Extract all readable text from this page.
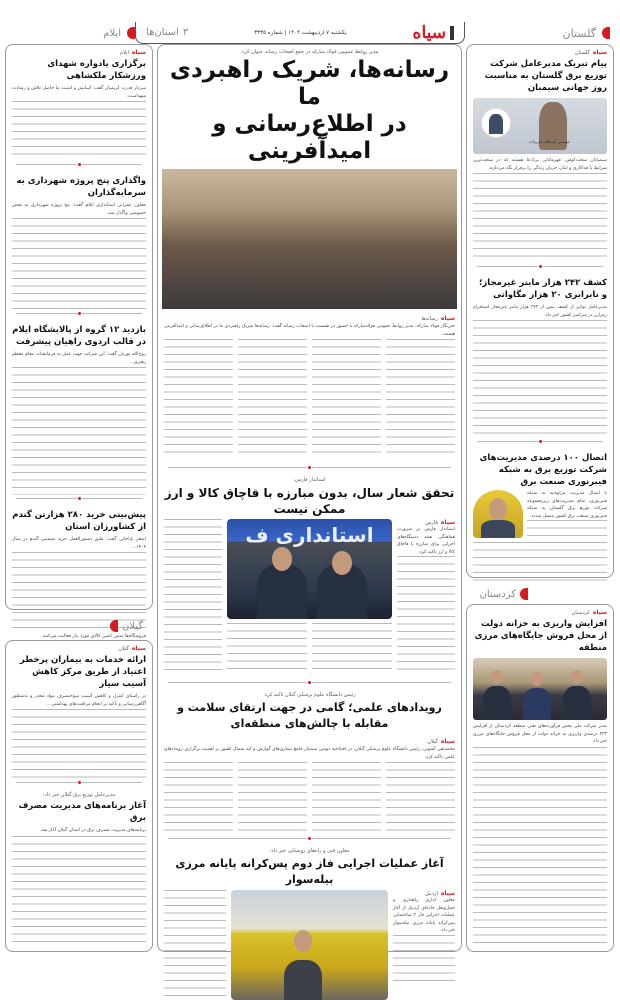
ایلام	سیاه
یکشنبه ۷ اردیبهشت ۱۴۰۴ | شماره ۳۳۳۵
۳
استان‌ها	گلستان
سیاه
ایلام
برگزاری یادواره شهدای ورزشکار ملکشاهی
سردار قدرت کریمیان گفت: آسایش و امنیت ما حاصل تلاش و رشادت شهداست.
واگذاری پنج پروژه شهرداری به سرمایه‌گذاران
معاون عمرانی استانداری ایلام گفت: پنج پروژه شهرداری به بخش خصوصی واگذار شد.
بازدید ۱۲ گروه از پالایشگاه ایلام در قالب اردوی راهیان پیشرفت
روح‌الله نوریان گفت: این شرکت جهت عمل به فرمایشات مقام معظم رهبری...
پیش‌بینی خرید ۲۸۰ هزارتن گندم از کشاورزان استان
اصغر باباخانی گفت: طبق دستورالعمل خرید تضمینی گندم در سال ۱۴۰۴...
فروشگاه‌ها ضمن تامین کالای مورد نیاز فعالیت می‌کنند
گیلان
سیاه
گیلان
ارائه خدمات به بیماران پرخطر اعتیاد از طریق مرکز کاهش آسیب سیار
در راستای کنترل و کاهش آسیب سوءمصرف مواد مخدر و به‌منظور آگاهی‌رسانی و تاکید بر انجام مراقبت‌های بهداشتی...
مدیرعامل توزیع برق گیلان خبر داد:
آغاز برنامه‌های مدیریت مصرف برق
برنامه‌های مدیریت مصرف برق در استان گیلان آغاز شد.
مدیر روابط عمومی فولاد مبارکه در جمع اصحاب رسانه عنوان کرد:
رسانه‌ها، شریک راهبردی ما
در اطلاع‌رسانی و امیدآفرینی
سیاه
رسانه‌ها
خبرنگار فولاد مبارکه، مدیر روابط عمومی فولادمبارکه با حضور در نشست با اصحاب رسانه گفت: رسانه‌ها شریک راهبردی ما در اطلاع‌رسانی و امیدآفرینی هستند.
استاندار فارس:
تحقق شعار سال، بدون مبارزه با قاچاق کالا و ارز ممکن نیست
سیاه
فارس
استاندار فارس بر ضرورت هماهنگی همه دستگاه‌های اجرایی برای مبارزه با قاچاق کالا و ارز تاکید کرد.
استانداری ف
رئیس دانشگاه علوم پزشکی گیلان تاکید کرد:
رویدادهای علمی؛ گامی در جهت ارتقای سلامت و مقابله با چالش‌های منطقه‌ای
سیاه
گیلان
محمدتقی آشوبی، رئیس دانشگاه علوم پزشکی گیلان، در افتتاحیه دومین سمینار جامع بیماری‌های گوارش و کبد شمال کشور بر اهمیت برگزاری رویدادهای علمی تاکید کرد.
معاون فنی و راه‌های روستایی خبر داد:
آغاز عملیات اجرایی فاز دوم پس‌کرانه پایانه مرزی بیله‌سوار
سیاه
اردبیل
معاون اداری راهداری و حمل‌ونقل جاده‌ای اردبیل از آغاز عملیات اجرایی فاز ۲ ساختمانی پس‌کرانه پایانه مرزی بیله‌سوار خبر داد.
سیاه
گلستان
پیام تبریک مدیرعامل شرکت توزیع برق گلستان به مناسبت روز جهانی سیمبان
مهندس آیت‌الله علی‌زاده
سیمبانان سخت‌کوش، قهرمانانی بی‌ادعا هستند که در سخت‌ترین شرایط با فداکاری و ایثار، جریان زندگی را برقرار نگه می‌دارند.
کشف ۲۴۲ هزار ماینر غیرمجاز؛ و نابرابری ۲۰ هزار مگاواتی
مدیرعامل توانیر از کشف بیش از ۲۴۲ هزار ماینر غیرمجاز استخراج رمزارز در سراسر کشور خبر داد.
اتصال ۱۰۰ درصدی مدیریت‌های شرکت توزیع برق به شبکه فیبرنوری صنعت برق
با اتصال مدیریت مراوه‌تپه به شبکه فیبرنوری، تمام مدیریت‌های زیرمجموعه شرکت توزیع برق گلستان به شبکه فیبرنوری صنعت برق کشور متصل شدند.
کردستان
سیاه
کردستان
افزایش واریزی به خزانه دولت از محل فروش جایگاه‌های مرزی منطقه
مدیر شرکت ملی پخش فرآورده‌های نفتی منطقه کردستان از افزایش ۲۳۳ درصدی واریزی به خزانه دولت از محل فروش جایگاه‌های مرزی خبر داد.
